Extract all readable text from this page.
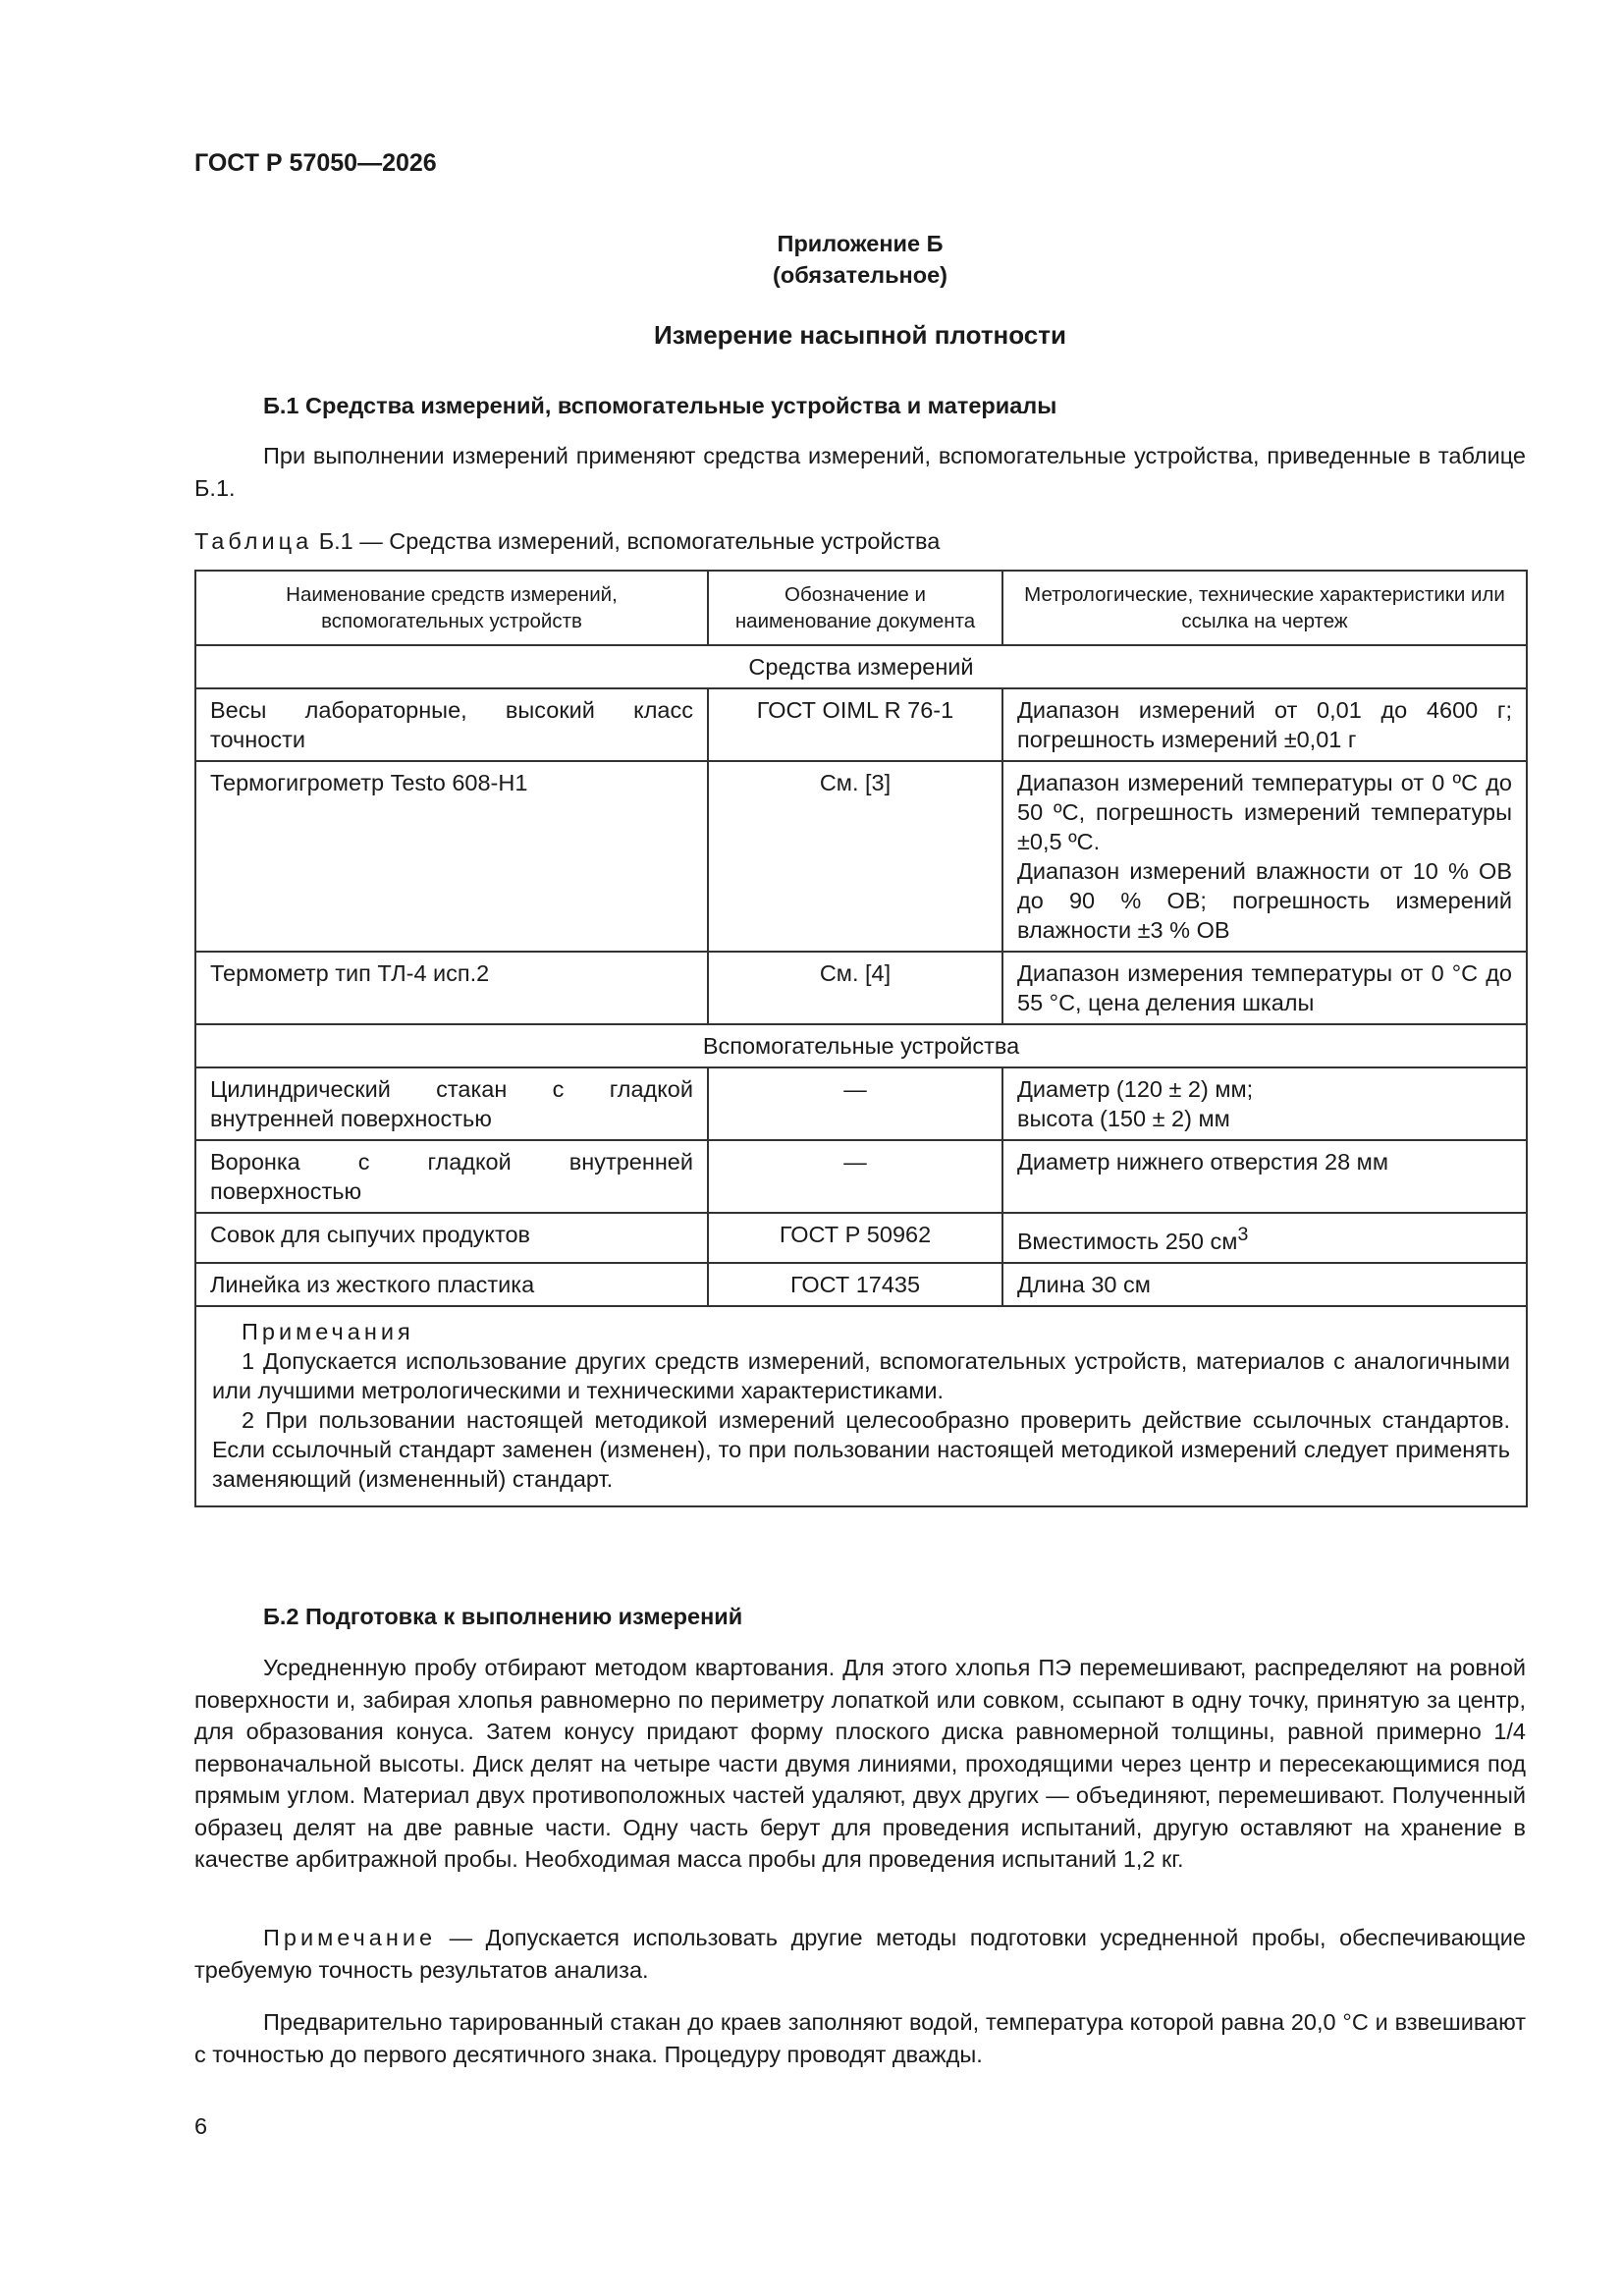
ГОСТ Р 57050—2026
Приложение Б
(обязательное)
Измерение насыпной плотности
Б.1 Средства измерений, вспомогательные устройства и материалы
При выполнении измерений применяют средства измерений, вспомогательные устройства, приведенные в таблице Б.1.
Таблица Б.1 — Средства измерений, вспомогательные устройства
Наименование средств измерений, вспомогательных устройств	Обозначение и наименование документа	Метрологические, технические характеристики или ссылка на чертеж
Средства измерений		
Весы лабораторные, высокий класс точности	ГОСТ OIML R 76-1	Диапазон измерений от 0,01 до 4600 г; погрешность измерений ±0,01 г
Термогигрометр Testo 608-H1	См. [3]	Диапазон измерений температуры от 0 ºС до 50 ºС, погрешность измерений температуры ±0,5 ºС.
Диапазон измерений влажности от 10 % ОВ до 90 % ОВ; погрешность измерений влажности ±3 % ОВ

Термометр тип ТЛ-4 исп.2	См. [4]	Диапазон измерения температуры от 0 °С до 55 °С, цена деления шкалы
Вспомогательные устройства		
Цилиндрический стакан с гладкой внутренней поверхностью	—	Диаметр (120 ± 2) мм;
высота (150 ± 2) мм

Воронка с гладкой внутренней поверхностью	—	Диаметр нижнего отверстия 28 мм
Совок для сыпучих продуктов	ГОСТ Р 50962	Вместимость 250 $см^3$
Линейка из жесткого пластика	ГОСТ 17435	Длина 30 см

Примечания
1 Допускается использование других средств измерений, вспомогательных устройств, материалов с аналогичными или лучшими метрологическими и техническими характеристиками.
2 При пользовании настоящей методикой измерений целесообразно проверить действие ссылочных стандартов. Если ссылочный стандарт заменен (изменен), то при пользовании настоящей методикой измерений следует применять заменяющий (измененный) стандарт.		
Б.2 Подготовка к выполнению измерений
Усредненную пробу отбирают методом квартования. Для этого хлопья ПЭ перемешивают, распределяют на ровной поверхности и, забирая хлопья равномерно по периметру лопаткой или совком, ссыпают в одну точку, принятую за центр, для образования конуса. Затем конусу придают форму плоского диска равномерной толщины, равной примерно 1/4 первоначальной высоты. Диск делят на четыре части двумя линиями, проходящими через центр и пересекающимися под прямым углом. Материал двух противоположных частей удаляют, двух других — объединяют, перемешивают. Полученный образец делят на две равные части. Одну часть берут для проведения испытаний, другую оставляют на хранение в качестве арбитражной пробы. Необходимая масса пробы для проведения испытаний 1,2 кг.
Примечание — Допускается использовать другие методы подготовки усредненной пробы, обеспечивающие требуемую точность результатов анализа.
Предварительно тарированный стакан до краев заполняют водой, температура которой равна 20,0 °С и взвешивают с точностью до первого десятичного знака. Процедуру проводят дважды.
6
